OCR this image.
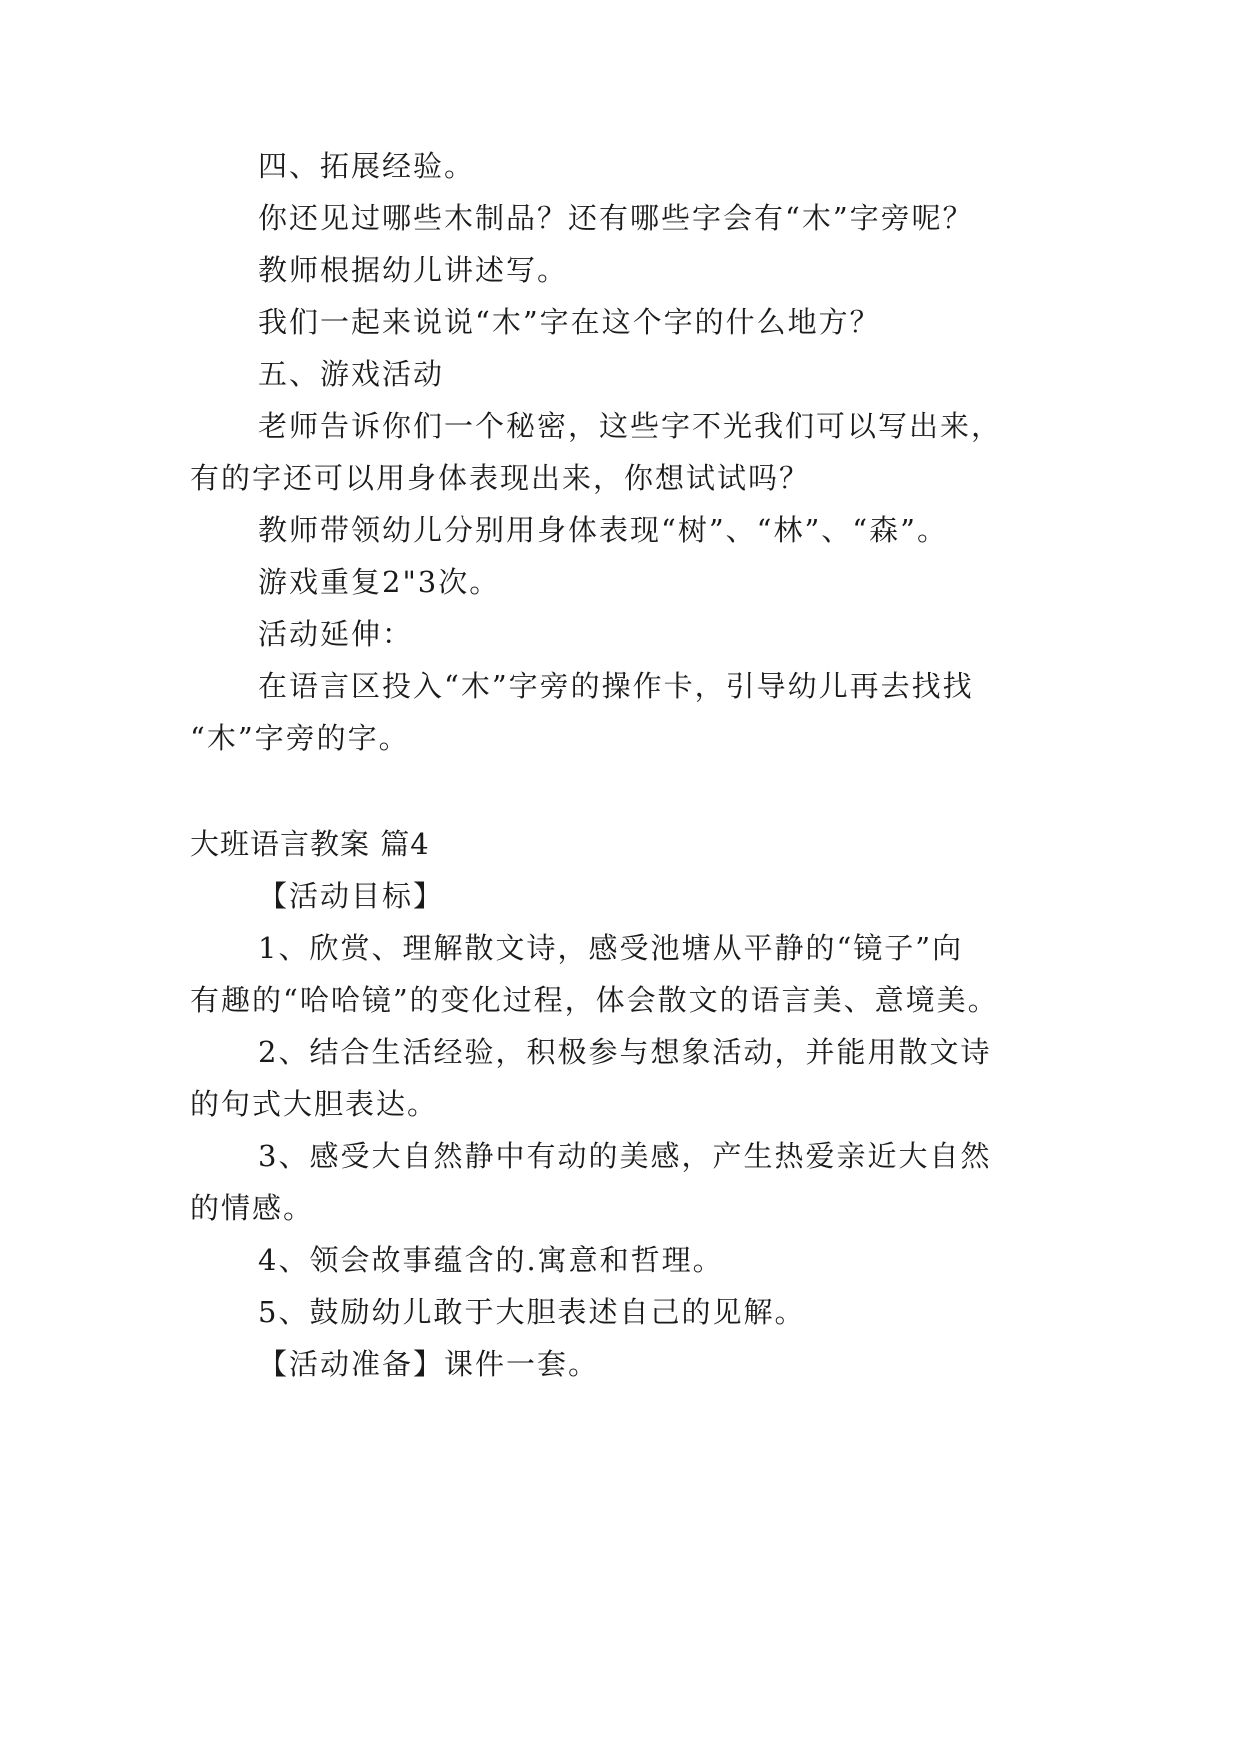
四、拓展经验。
你还见过哪些木制品？还有哪些字会有“木”字旁呢？
教师根据幼儿讲述写。
我们一起来说说“木”字在这个字的什么地方？
五、游戏活动
老师告诉你们一个秘密，这些字不光我们可以写出来，
有的字还可以用身体表现出来，你想试试吗？
教师带领幼儿分别用身体表现“树”、“林”、“森”。
游戏重复2"3次。
活动延伸：
在语言区投入“木”字旁的操作卡，引导幼儿再去找找
“木”字旁的字。
大班语言教案 篇4
【活动目标】
1、欣赏、理解散文诗，感受池塘从平静的“镜子”向
有趣的“哈哈镜”的变化过程，体会散文的语言美、意境美。
2、结合生活经验，积极参与想象活动，并能用散文诗
的句式大胆表达。
3、感受大自然静中有动的美感，产生热爱亲近大自然
的情感。
4、领会故事蕴含的.寓意和哲理。
5、鼓励幼儿敢于大胆表述自己的见解。
【活动准备】课件一套。
